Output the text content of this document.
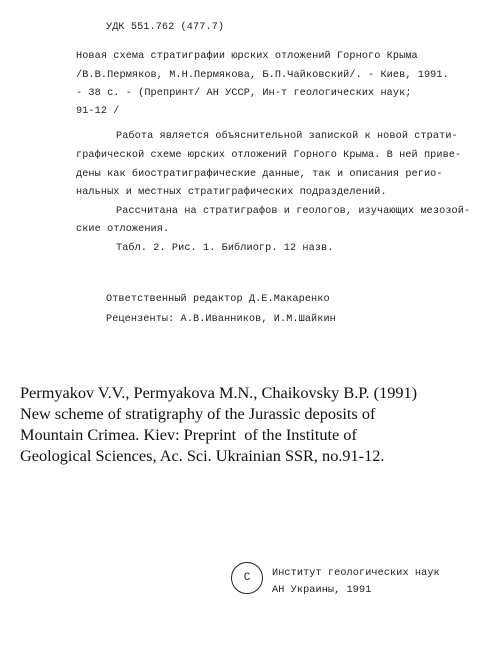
УДК 551.762 (477.7)
Новая схема стратиграфии юрских отложений Горного Крыма
/В.В.Пермяков, М.Н.Пермякова, Б.П.Чайковский/. - Киев, 1991.
- 38 с. - (Препринт/ АН УССР, Ин-т геологических наук;
91-12 /
Работа является объяснительной запиской к новой страти-
графической схеме юрских отложений Горного Крыма. В ней приве-
дены как биостратиграфические данные, так и описания регио-
нальных и местных стратиграфических подразделений.
Рассчитана на стратиграфов и геологов, изучающих мезозой-
ские отложения.
Табл. 2. Рис. 1. Библиогр. 12 назв.
Ответственный редактор Д.Е.Макаренко
Рецензенты: А.В.Иванников, И.М.Шайкин
Permyakov V.V., Permyakova M.N., Chaikovsky B.P. (1991)
New scheme of stratigraphy of the Jurassic deposits of
Mountain Crimea. Kiev: Preprint  of the Institute of
Geological Sciences, Ac. Sci. Ukrainian SSR, no.91-12.
C	Институт геологических наук
АН Украины, 1991
